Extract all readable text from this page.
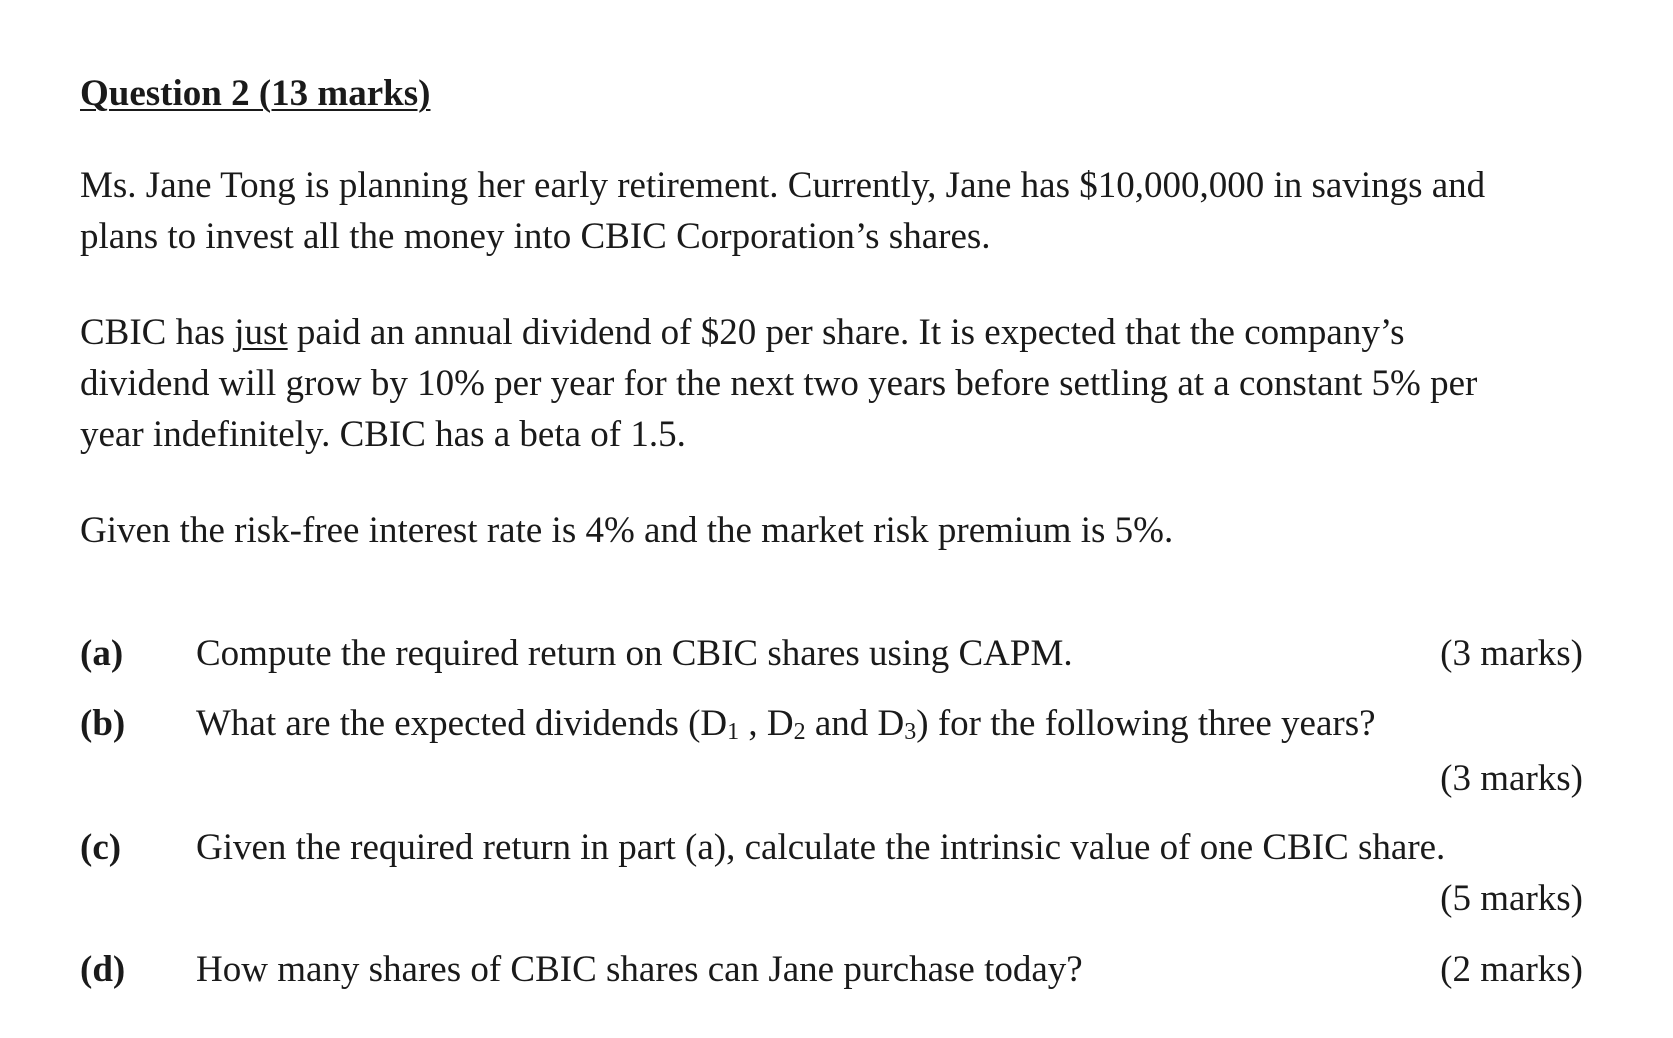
Question 2 (13 marks)
Ms. Jane Tong is planning her early retirement. Currently, Jane has $10,000,000 in savings and
plans to invest all the money into CBIC Corporation’s shares.
CBIC has just paid an annual dividend of $20 per share. It is expected that the company’s
dividend will grow by 10% per year for the next two years before settling at a constant 5% per
year indefinitely. CBIC has a beta of 1.5.
Given the risk-free interest rate is 4% and the market risk premium is 5%.
(a) Compute the required return on CBIC shares using CAPM.	(3 marks)
(b) What are the expected dividends ($D_1$ , $D_2$ and $D_3$) for the following three years?
(3 marks)
(c) Given the required return in part (a), calculate the intrinsic value of one CBIC share.
(5 marks)
(d) How many shares of CBIC shares can Jane purchase today?	(2 marks)
